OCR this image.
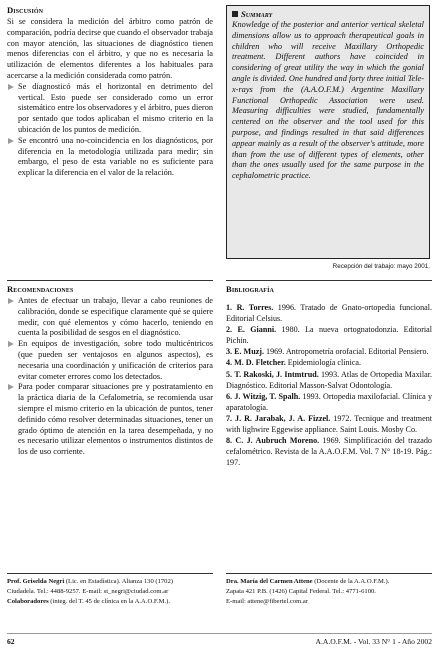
Discusión

Si se considera la medición del árbitro como patrón de comparación, podría decirse que cuando el observador trabaja con mayor atención, las situaciones de diagnóstico tienen menos diferencias con el árbitro, y que no es necesaria la utilización de elementos diferentes a los habituales para acercarse a la medición considerada como patrón.

Se diagnosticó más el horizontal en detrimento del vertical. Esto puede ser considerado como un error sistemático entre los observadores y el árbitro, pues dieron por sentado que todos aplicaban el mismo criterio en la ubicación de los puntos de medición.
Se encontró una no-coincidencia en los diagnósticos, por diferencia en la metodología utilizada para medir; sin embargo, el peso de esta variable no es suficiente para explicar la diferencia en el valor de la relación.
Recomendaciones
Antes de efectuar un trabajo, llevar a cabo reuniones de calibración, donde se especifique claramente qué se quiere medir, con qué elementos y cómo hacerlo, teniendo en cuenta la posibilidad de sesgos en el diagnóstico.
En equipos de investigación, sobre todo multicéntricos (que pueden ser ventajosos en algunos aspectos), es necesaria una coordinación y unificación de criterios para evitar cometer errores como los detectados.
Para poder comparar situaciones pre y postratamiento en la práctica diaria de la Cefalometría, se recomienda usar siempre el mismo criterio en la ubicación de puntos, tener definido cómo resolver determinadas situaciones, tener un grado óptimo de atención en la tarea desempeñada, y no es necesario utilizar elementos o instrumentos distintos de los de uso corriente.
Summary

Knowledge of the posterior and anterior vertical skeletal dimensions allow us to approach therapeutical goals in children who will receive Maxillary Orthopedic treatment. Different authors have coincided in considering of great utility the way in which the gonial angle is divided. One hundred and forty three initial Tele-x-rays from the (A.A.O.F.M.) Argentine Maxillary Functional Orthopedic Association were used. Measuring difficulties were studied, fundamentally centered on the observer and the tool used for this purpose, and findings resulted in that said differences appear mainly as a result of the observer's attitude, more than from the use of different types of elements, other than the ones usually used for the same purpose in the cephalometric practice.

Recepción del trabajo: mayo 2001.
Bibliografía
1. R. Torres. 1996. Tratado de Gnato-ortopedia funcional. Editorial Celsius.
2. E. Gianni. 1980. La nueva ortognatodonzia. Editorial Pichin.
3. E. Muzj. 1969. Antropometría orofacial. Editorial Pensiero.
4. M. D. Fletcher. Epidemiología clínica.
5. T. Rakoski, J. Intmtrud. 1993. Atlas de Ortopedia Maxilar. Diagnóstico. Editorial Masson-Salvat Odontología.
6. J. Witzig, T. Spalh. 1993. Ortopedia maxilofacial. Clínica y aparatología.
7. J. R. Jarabak, J. A. Fizzel. 1972. Tecnique and treatment with lighwire Eggewise appliance. Saint Louis. Mosby Co.
8. C. J. Aubruch Moreno. 1969. Simplificación del trazado cefalométrico. Revista de la A.A.O.F.M. Vol. 7 N° 18-19. Pág.: 197.
Prof. Griselda Negri (Lic. en Estadística). Alianza 130 (1702)
Ciudadela. Tel.: 4488-9257. E-mail: st_negri@ciudad.com.ar
Colaboradores (integ. del T. 45 de clínica en la A.A.O.F.M.).
Dra. María del Carmen Attene (Docente de la A.A.O.F.M.).
Zapata 421 P.B. (1426) Capital Federal. Tel.: 4771-6100.
E-mail: attene@fibertel.com.ar
62	A.A.O.F.M. - Vol. 33 N° 1 - Año 2002
